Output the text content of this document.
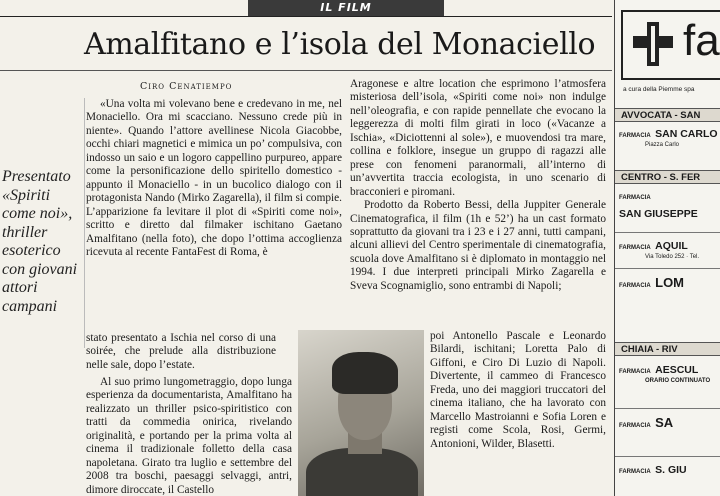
IL FILM
Amalfitano e l’isola del Monaciello
Ciro Cenatiempo
Presentato «Spiriti come noi», thriller esoterico con giovani attori campani

«Una volta mi volevano bene e credevano in me, nel Monaciello. Ora mi scacciano. Nessuno crede più in niente». Quando l’attore avellinese Nicola Giacobbe, occhi chiari magnetici e mimica un po’ compulsiva, con indosso un saio e un logoro cappellino purpureo, appare come la personificazione dello spiritello domestico - appunto il Monaciello - in un bucolico dialogo con il protagonista Nando (Mirko Zagarella), il film si compie. L’apparizione fa levitare il plot di «Spiriti come noi», scritto e diretto dal filmaker ischitano Gaetano Amalfitano (nella foto), che dopo l’ottima accoglienza ricevuta al recente FantaFest di Roma, è

stato presentato a Ischia nel corso di una soirée, che prelude alla distribuzione nelle sale, dopo l’estate.

Al suo primo lungometraggio, dopo lunga esperienza da documentarista, Amalfitano ha realizzato un thriller psico-spiritistico con tratti da commedia onirica, rivelando originalità, e portando per la prima volta al cinema il tradizionale folletto della casa napoletana. Girato tra luglio e settembre del 2008 tra boschi, paesaggi selvaggi, antri, dimore diroccate, il Castello

Aragonese e altre location che esprimono l’atmosfera misteriosa dell’isola, «Spiriti come noi» non indulge nell’oleografia, e con rapide pennellate che evocano la leggerezza di molti film girati in loco («Vacanze a Ischia», «Diciottenni al sole»), e muovendosi tra mare, collina e folklore, insegue un gruppo di ragazzi alle prese con fenomeni paranormali, all’interno di un’avvertita traccia ecologista, in uno scenario di bracconieri e piromani.

Prodotto da Roberto Bessi, della Juppiter Generale Cinematografica, il film (1h e 52’) ha un cast formato soprattutto da giovani tra i 23 e i 27 anni, tutti campani, alcuni allievi del Centro sperimentale di cinematografia, scuola dove Amalfitano si è diplomato in montaggio nel 1994. I due interpreti principali Mirko Zagarella e Sveva Scognamiglio, sono entrambi di Napoli;

poi Antonello Pascale e Leonardo Bilardi, ischitani; Loretta Palo di Giffoni, e Ciro Di Luzio di Napoli. Divertente, il cammeo di Francesco Freda, uno dei maggiori truccatori del cinema italiano, che ha lavorato con Marcello Mastroianni e Sofia Loren e registi come Scola, Rosi, Germi, Antonioni, Wilder, Blasetti.

fa
a cura della Piemme spa
AVVOCATA - SAN
FARMACIA SAN CARLO
Piazza Carlo
CENTRO - S. FER
FARMACIA
SAN GIUSEPPE
FARMACIA AQUIL
Via Toledo 252 · Tel.
FARMACIA LOM
CHIAIA - RIV
FARMACIA AESCUL
ORARIO CONTINUATO
FARMACIA SA
FARMACIA S. GIU
